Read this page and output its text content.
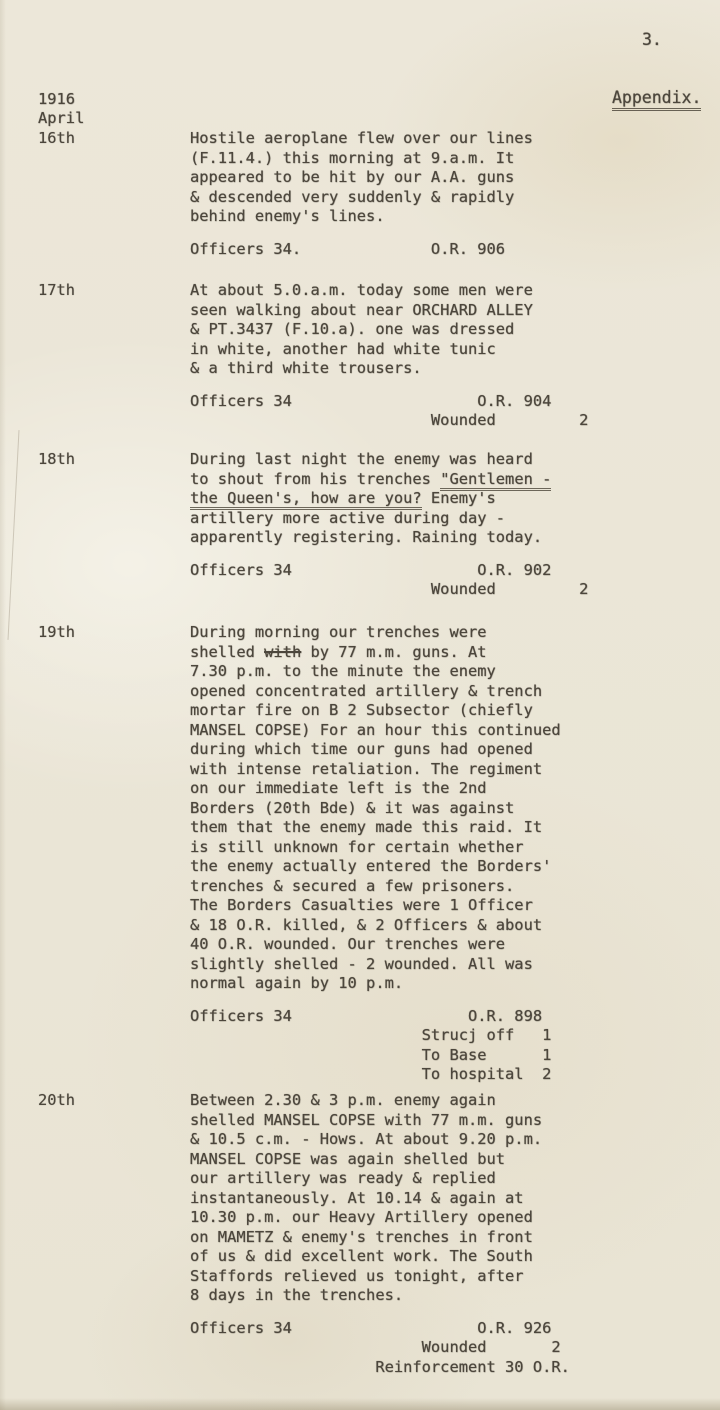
3.
Appendix.
1916
April
16th	Hostile aeroplane flew over our lines
(F.11.4.) this morning at 9.a.m. It
appeared to be hit by our A.A. guns
& descended very suddenly & rapidly
behind enemy's lines.
Officers 34.              O.R. 906
17th	At about 5.0.a.m. today some men were
seen walking about near ORCHARD ALLEY
& PT.3437 (F.10.a). one was dressed
in white, another had white tunic
& a third white trousers.
Officers 34                    O.R. 904
Wounded         2
18th	During last night the enemy was heard
to shout from his trenches "Gentlemen -
the Queen's, how are you? Enemy's
artillery more active during day -
apparently registering. Raining today.
Officers 34                    O.R. 902
Wounded         2
19th	During morning our trenches were
shelled with by 77 m.m. guns. At
7.30 p.m. to the minute the enemy
opened concentrated artillery & trench
mortar fire on B 2 Subsector (chiefly
MANSEL COPSE) For an hour this continued
during which time our guns had opened
with intense retaliation. The regiment
on our immediate left is the 2nd
Borders (20th Bde) & it was against
them that the enemy made this raid. It
is still unknown for certain whether
the enemy actually entered the Borders'
trenches & secured a few prisoners.
The Borders Casualties were 1 Officer
& 18 O.R. killed, & 2 Officers & about
40 O.R. wounded. Our trenches were
slightly shelled - 2 wounded. All was
normal again by 10 p.m.
Officers 34                   O.R. 898
Strucj off   1
To Base      1
To hospital  2
20th	Between 2.30 & 3 p.m. enemy again
shelled MANSEL COPSE with 77 m.m. guns
& 10.5 c.m. - Hows. At about 9.20 p.m.
MANSEL COPSE was again shelled but
our artillery was ready & replied
instantaneously. At 10.14 & again at
10.30 p.m. our Heavy Artillery opened
on MAMETZ & enemy's trenches in front
of us & did excellent work. The South
Staffords relieved us tonight, after
8 days in the trenches.
Officers 34                    O.R. 926
Wounded       2
Reinforcement 30 O.R.
